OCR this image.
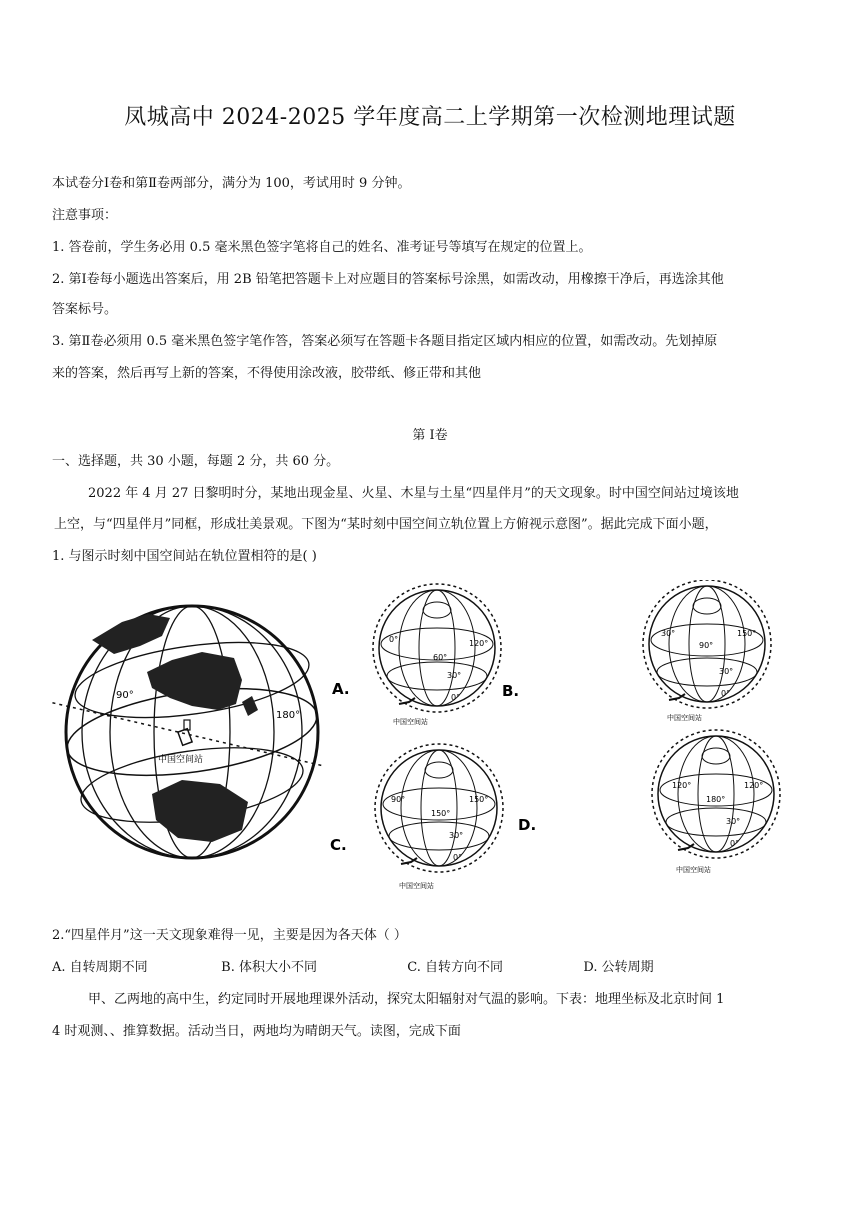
凤城高中 2024-2025 学年度高二上学期第一次检测地理试题
本试卷分Ⅰ卷和第Ⅱ卷两部分，满分为 100，考试用时 9 分钟。
注意事项：
1. 答卷前，学生务必用 0.5 毫米黑色签字笔将自己的姓名、准考证号等填写在规定的位置上。
2. 第Ⅰ卷每小题选出答案后，用 2B 铅笔把答题卡上对应题目的答案标号涂黑，如需改动，用橡擦干净后，再选涂其他
答案标号。
3. 第Ⅱ卷必须用 0.5 毫米黑色签字笔作答，答案必须写在答题卡各题目指定区域内相应的位置，如需改动。先划掉原
来的答案，然后再写上新的答案，不得使用涂改液，胶带纸、修正带和其他
第 Ⅰ卷
一、选择题，共 30 小题，每题 2 分，共 60 分。
2022 年 4 月 27 日黎明时分，某地出现金星、火星、木星与土星“四星伴月”的天文现象。时中国空间站过境该地
上空，与“四星伴月”同框，形成壮美景观。下图为“某时刻中国空间立轨位置上方俯视示意图”。据此完成下面小题，
1. 与图示时刻中国空间站在轨位置相符的是( )
90°
180°
中国空间站
A.	B.
C.
D.
0°
60°
120°
30°
0°
中国空间站
30°
90°
150°
30°
0°
中国空间站
90°
150°
150°
30°
0°
中国空间站
120°
180°
120°
30°
0°
中国空间站
2.“四星伴月”这一天文现象难得一见，主要是因为各天体（ ）
A. 自转周期不同	B. 体积大小不同	C. 自转方向不同	D. 公转周期
甲、乙两地的高中生，约定同时开展地理课外活动，探究太阳辐射对气温的影响。下表：地理坐标及北京时间 1
4 时观测、、推算数据。活动当日，两地均为晴朗天气。读图，完成下面
